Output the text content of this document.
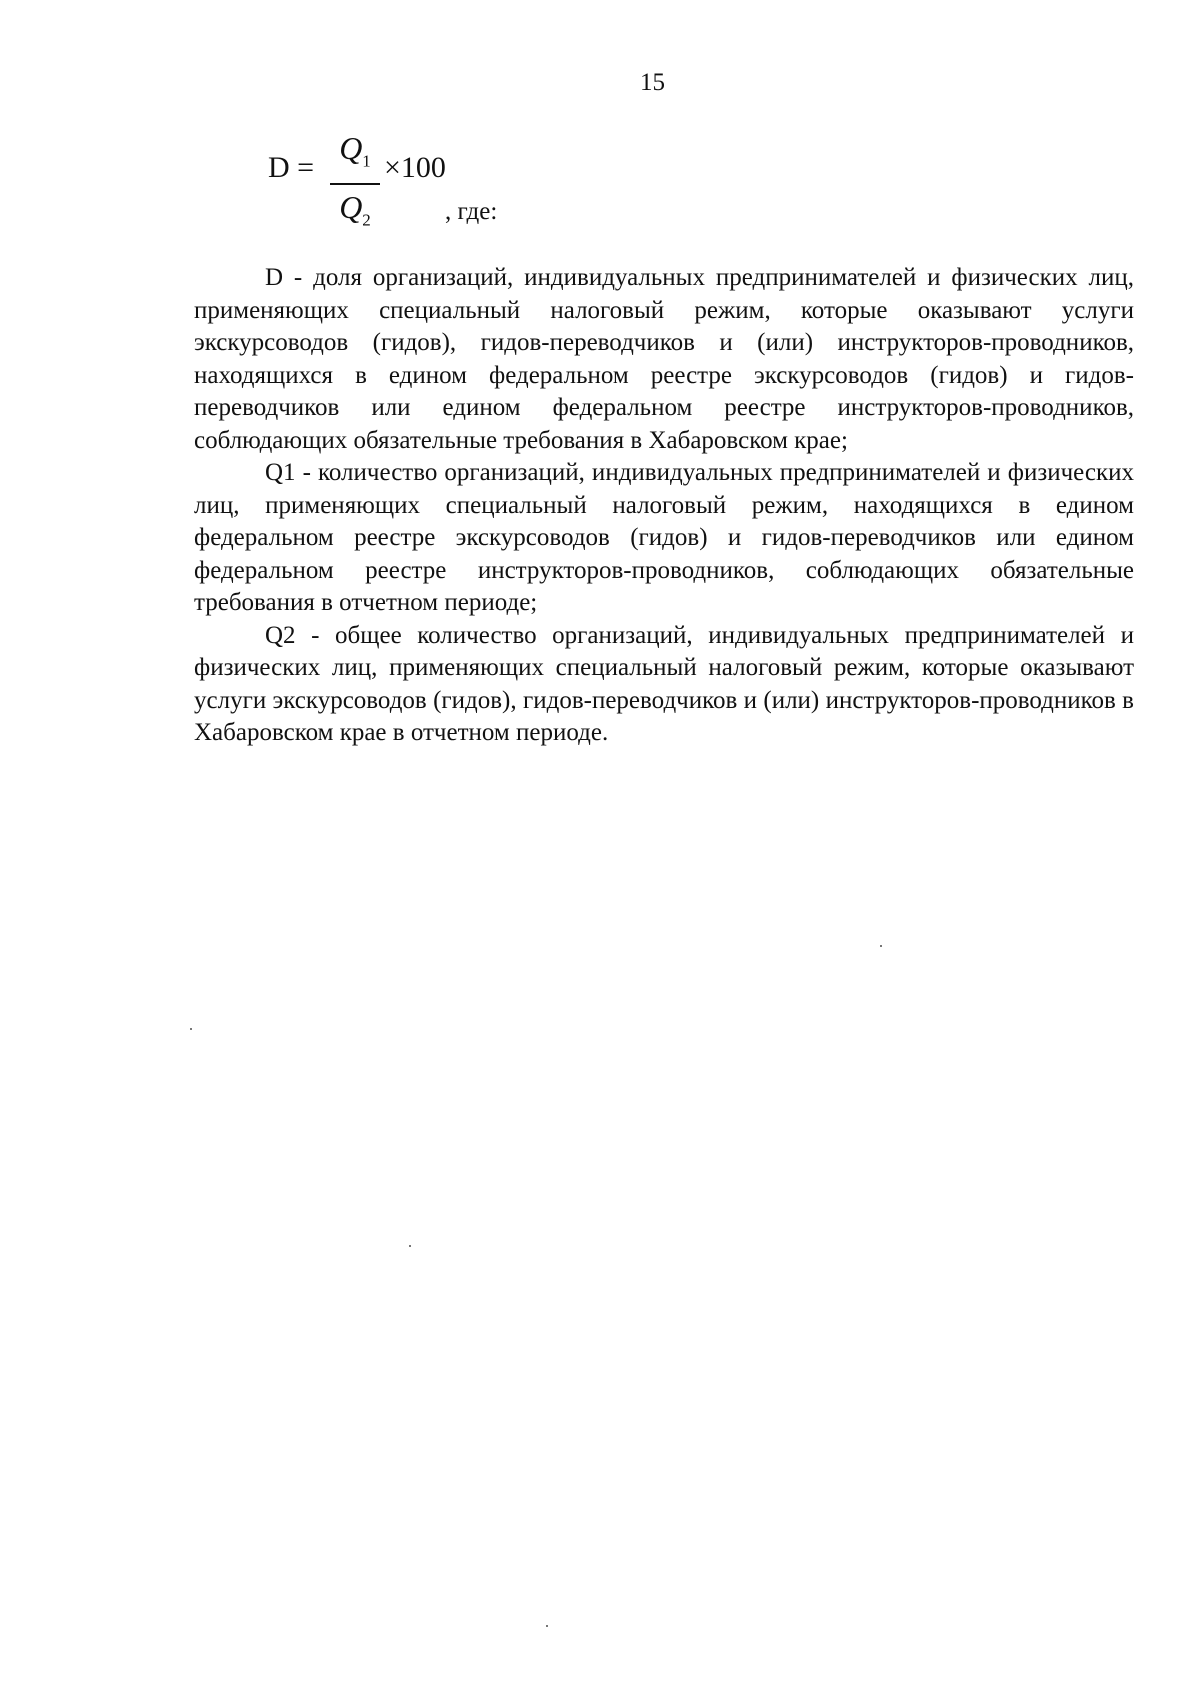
15
D =
$Q_1$
$Q_2$
×100
, где:

D - доля организаций, индивидуальных предпринимателей и физических лиц, применяющих специальный налоговый режим, которые оказывают услуги экскурсоводов (гидов), гидов-переводчиков и (или) инструкторов-проводников, находящихся в едином федеральном реестре экскурсоводов (гидов) и гидов-переводчиков или едином федеральном реестре инструкторов-проводников, соблюдающих обязательные требования в Хабаровском крае;

Q1 - количество организаций, индивидуальных предпринимателей и физических лиц, применяющих специальный налоговый режим, находящихся в едином федеральном реестре экскурсоводов (гидов) и гидов-переводчиков или едином федеральном реестре инструкторов-проводников, соблюдающих обязательные требования в отчетном периоде;

Q2 - общее количество организаций, индивидуальных предпринимателей и физических лиц, применяющих специальный налоговый режим, которые оказывают услуги экскурсоводов (гидов), гидов-переводчиков и (или) инструкторов-проводников в Хабаровском крае в отчетном периоде.
